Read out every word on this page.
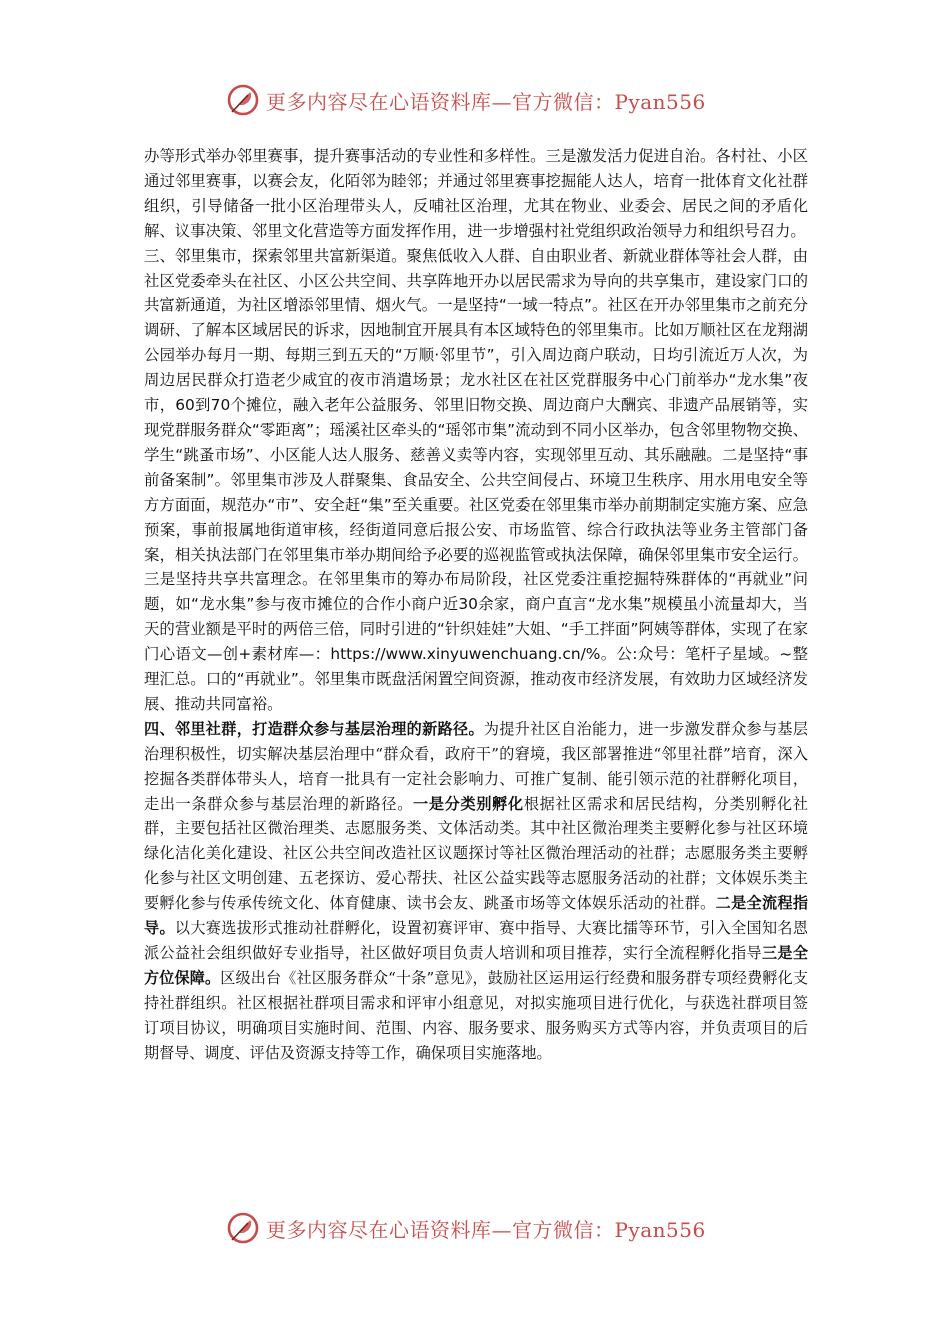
更多内容尽在心语资料库—官方微信：Pyan556

办等形式举办邻里赛事，提升赛事活动的专业性和多样性。三是激发活力促进自治。各村社、小区通过邻里赛事，以赛会友，化陌邻为睦邻；并通过邻里赛事挖掘能人达人，培育一批体育文化社群组织，引导储备一批小区治理带头人，反哺社区治理，尤其在物业、业委会、居民之间的矛盾化解、议事决策、邻里文化营造等方面发挥作用，进一步增强村社党组织政治领导力和组织号召力。

三、邻里集市，探索邻里共富新渠道。聚焦低收入人群、自由职业者、新就业群体等社会人群，由社区党委牵头在社区、小区公共空间、共享阵地开办以居民需求为导向的共享集市，建设家门口的共富新通道，为社区增添邻里情、烟火气。一是坚持“一域一特点”。社区在开办邻里集市之前充分调研、了解本区域居民的诉求，因地制宜开展具有本区域特色的邻里集市。比如万顺社区在龙翔湖公园举办每月一期、每期三到五天的“万顺·邻里节”，引入周边商户联动，日均引流近万人次，为周边居民群众打造老少咸宜的夜市消遣场景；龙水社区在社区党群服务中心门前举办“龙水集”夜市，60到70个摊位，融入老年公益服务、邻里旧物交换、周边商户大酬宾、非遗产品展销等，实现党群服务群众“零距离”；瑶溪社区牵头的“瑶邻市集”流动到不同小区举办，包含邻里物物交换、学生“跳蚤市场”、小区能人达人服务、慈善义卖等内容，实现邻里互动、其乐融融。二是坚持“事前备案制”。邻里集市涉及人群聚集、食品安全、公共空间侵占、环境卫生秩序、用水用电安全等方方面面，规范办“市”、安全赶“集”至关重要。社区党委在邻里集市举办前期制定实施方案、应急预案，事前报属地街道审核，经街道同意后报公安、市场监管、综合行政执法等业务主管部门备案，相关执法部门在邻里集市举办期间给予必要的巡视监管或执法保障，确保邻里集市安全运行。三是坚持共享共富理念。在邻里集市的筹办布局阶段，社区党委注重挖掘特殊群体的“再就业”问题，如“龙水集”参与夜市摊位的合作小商户近30余家，商户直言“龙水集”规模虽小流量却大，当天的营业额是平时的两倍三倍，同时引进的“针织娃娃”大姐、“手工拌面”阿姨等群体，实现了在家门心语文—创+素材库—：https://www.xinyuwenchuang.cn/%。公:众号：笔杆子星域。~整理汇总。口的“再就业”。邻里集市既盘活闲置空间资源，推动夜市经济发展，有效助力区域经济发展、推动共同富裕。

四、邻里社群，打造群众参与基层治理的新路径。为提升社区自治能力，进一步激发群众参与基层治理积极性，切实解决基层治理中“群众看，政府干”的窘境，我区部署推进“邻里社群”培育，深入挖掘各类群体带头人，培育一批具有一定社会影响力、可推广复制、能引领示范的社群孵化项目，走出一条群众参与基层治理的新路径。一是分类别孵化根据社区需求和居民结构，分类别孵化社群，主要包括社区微治理类、志愿服务类、文体活动类。其中社区微治理类主要孵化参与社区环境绿化洁化美化建设、社区公共空间改造社区议题探讨等社区微治理活动的社群；志愿服务类主要孵化参与社区文明创建、五老探访、爱心帮扶、社区公益实践等志愿服务活动的社群；文体娱乐类主要孵化参与传承传统文化、体育健康、读书会友、跳蚤市场等文体娱乐活动的社群。二是全流程指导。以大赛选拔形式推动社群孵化，设置初赛评审、赛中指导、大赛比擂等环节，引入全国知名恩派公益社会组织做好专业指导，社区做好项目负责人培训和项目推荐，实行全流程孵化指导三是全方位保障。区级出台《社区服务群众“十条”意见》，鼓励社区运用运行经费和服务群专项经费孵化支持社群组织。社区根据社群项目需求和评审小组意见，对拟实施项目进行优化，与获选社群项目签订项目协议，明确项目实施时间、范围、内容、服务要求、服务购买方式等内容，并负责项目的后期督导、调度、评估及资源支持等工作，确保项目实施落地。

更多内容尽在心语资料库—官方微信：Pyan556
